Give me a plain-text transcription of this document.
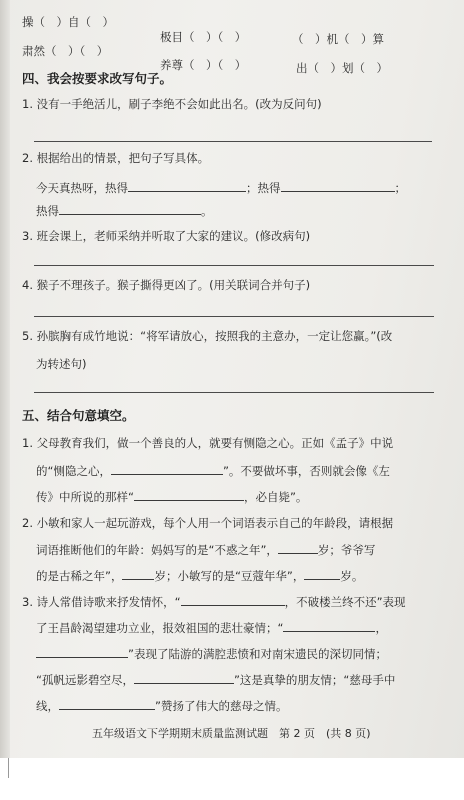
操（　）自（　）
极目（　）（　）	（　）机（　）算
肃然（　）（　）
养尊（　）（　）	出（　）划（　）
四、我会按要求改写句子。
1. 没有一手绝活儿，刷子李绝不会如此出名。(改为反问句)
2. 根据给出的情景，把句子写具体。
今天真热呀，热得	；热得	；
热得	。
3. 班会课上，老师采纳并听取了大家的建议。(修改病句)
4. 猴子不理孩子。猴子撕得更凶了。(用关联词合并句子)
5. 孙膑胸有成竹地说：“将军请放心，按照我的主意办，一定让您赢。”(改
为转述句)
五、结合句意填空。
1. 父母教育我们，做一个善良的人，就要有恻隐之心。正如《孟子》中说
的“恻隐之心，	”。不要做坏事，否则就会像《左
传》中所说的那样“	，必自毙”。
2. 小敏和家人一起玩游戏，每个人用一个词语表示自己的年龄段，请根据
词语推断他们的年龄：妈妈写的是“不惑之年”，	岁；爷爷写
的是古稀之年”，	岁；小敏写的是“豆蔻年华”，	岁。
3. 诗人常借诗歌来抒发情怀，“	，不破楼兰终不还”表现
了王昌龄渴望建功立业，报效祖国的悲壮豪情；“	，
”表现了陆游的满腔悲愤和对南宋遗民的深切同情；
“孤帆远影碧空尽，	”这是真挚的朋友情；“慈母手中
线，	”赞扬了伟大的慈母之情。
五年级语文下学期期末质量监测试题　第 2 页　(共 8 页)
